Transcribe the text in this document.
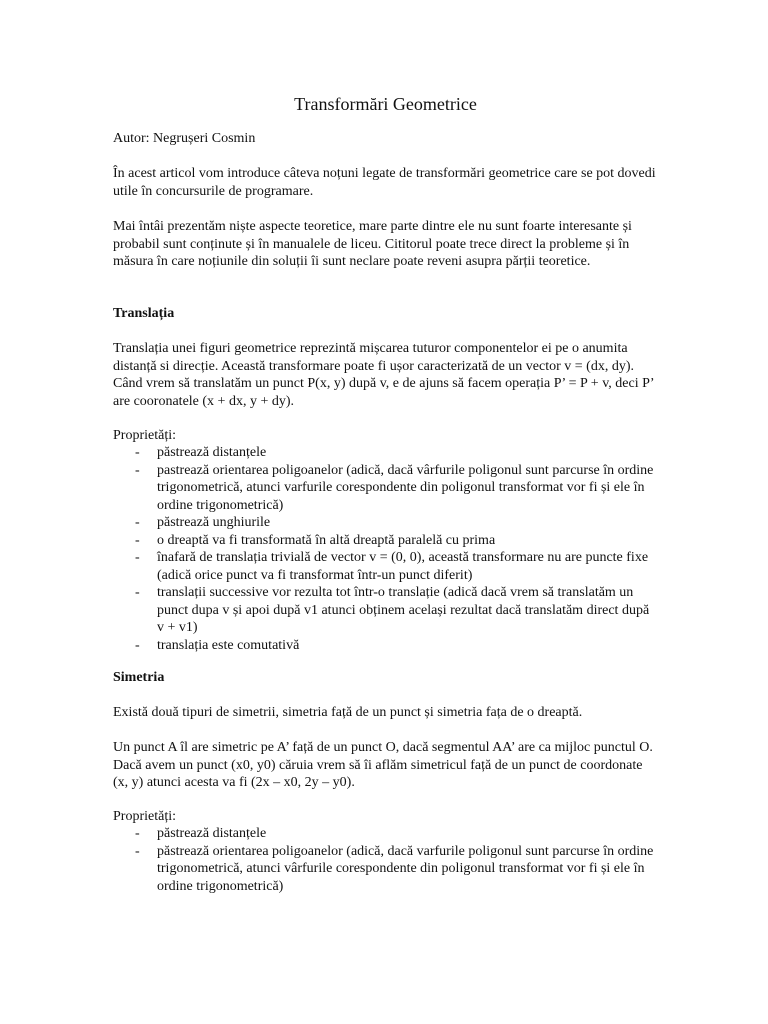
Transformări Geometrice

Autor: Negrușeri Cosmin

În acest articol vom introduce câteva noțuni legate de transformări geometrice care se pot dovedi utile în concursurile de programare.

Mai întâi prezentăm niște aspecte teoretice, mare parte dintre ele nu sunt foarte interesante și probabil sunt conținute și în manualele de liceu. Cititorul poate trece direct la probleme și în măsura în care noțiunile din soluții îi sunt neclare poate reveni asupra părții teoretice.

Translația

Translația unei figuri geometrice reprezintă mișcarea tuturor componentelor ei pe o anumita distanță si direcție. Această transformare poate fi ușor caracterizată de un vector v = (dx, dy). Când vrem să translatăm un punct P(x, y) după v, e de ajuns să facem operația P’ = P + v, deci P’ are cooronatele (x + dx, y + dy).

Proprietăți:

- păstrează distanțele
- pastrează orientarea poligoanelor (adică, dacă vârfurile poligonul sunt parcurse în ordine trigonometrică, atunci varfurile corespondente din poligonul transformat vor fi și ele în ordine trigonometrică)
- păstrează unghiurile
- o dreaptă va fi transformată în altă dreaptă paralelă cu prima
- înafară de translația trivială de vector v = (0, 0), această transformare nu are puncte fixe (adică orice punct va fi transformat într-un punct diferit)
- translații successive vor rezulta tot într-o translație (adică dacă vrem să translatăm un punct dupa v și apoi după v1 atunci obținem același rezultat dacă translatăm direct după v + v1)
- translația este comutativă
Simetria

Există două tipuri de simetrii, simetria față de un punct și simetria fața de o dreaptă.

Un punct A îl are simetric pe A’ față de un punct O, dacă segmentul AA’ are ca mijloc punctul O. Dacă avem un punct (x0, y0) căruia vrem să îi aflăm simetricul față de un punct de coordonate (x, y) atunci acesta va fi (2x – x0, 2y – y0).

Proprietăți:

- păstrează distanțele
- păstrează orientarea poligoanelor (adică, dacă varfurile poligonul sunt parcurse în ordine trigonometrică, atunci vârfurile corespondente din poligonul transformat vor fi și ele în ordine trigonometrică)
